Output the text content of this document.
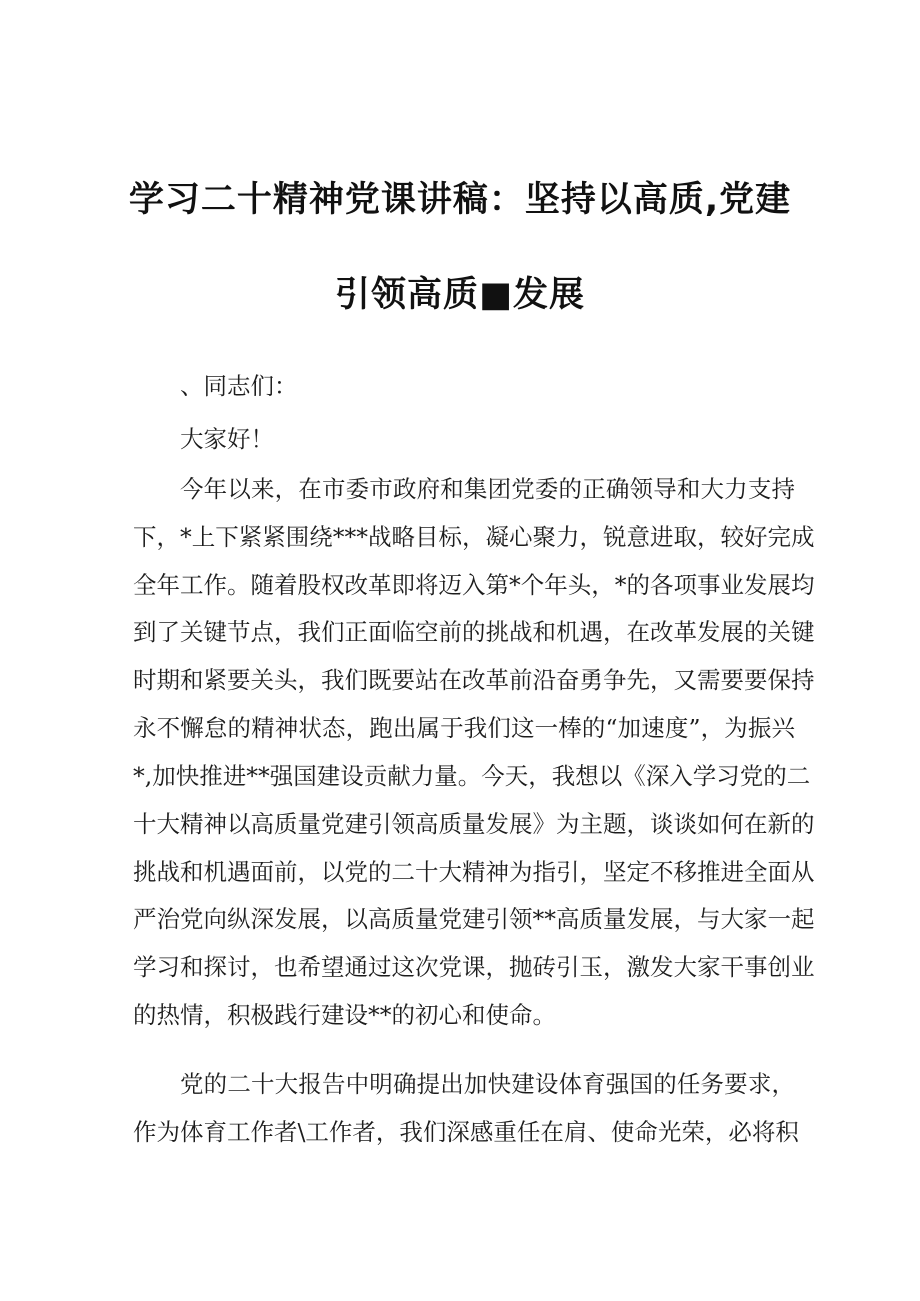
学习二十精神党课讲稿：坚持以高质,党建
引领高质■发展
、同志们：
大家好！
今年以来，在市委市政府和集团党委的正确领导和大力支持
下，*上下紧紧围绕***战略目标，凝心聚力，锐意进取，较好完成
全年工作。随着股权改革即将迈入第*个年头，*的各项事业发展均
到了关键节点，我们正面临空前的挑战和机遇，在改革发展的关键
时期和紧要关头，我们既要站在改革前沿奋勇争先，又需要要保持
永不懈怠的精神状态，跑出属于我们这一棒的“加速度”，为振兴
*,加快推进**强国建设贡献力量。今天，我想以《深入学习党的二
十大精神以高质量党建引领高质量发展》为主题，谈谈如何在新的
挑战和机遇面前，以党的二十大精神为指引，坚定不移推进全面从
严治党向纵深发展，以高质量党建引领**高质量发展，与大家一起
学习和探讨，也希望通过这次党课，抛砖引玉，激发大家干事创业
的热情，积极践行建设**的初心和使命。
党的二十大报告中明确提出加快建设体育强国的任务要求，
作为体育工作者\工作者，我们深感重任在肩、使命光荣，必将积
